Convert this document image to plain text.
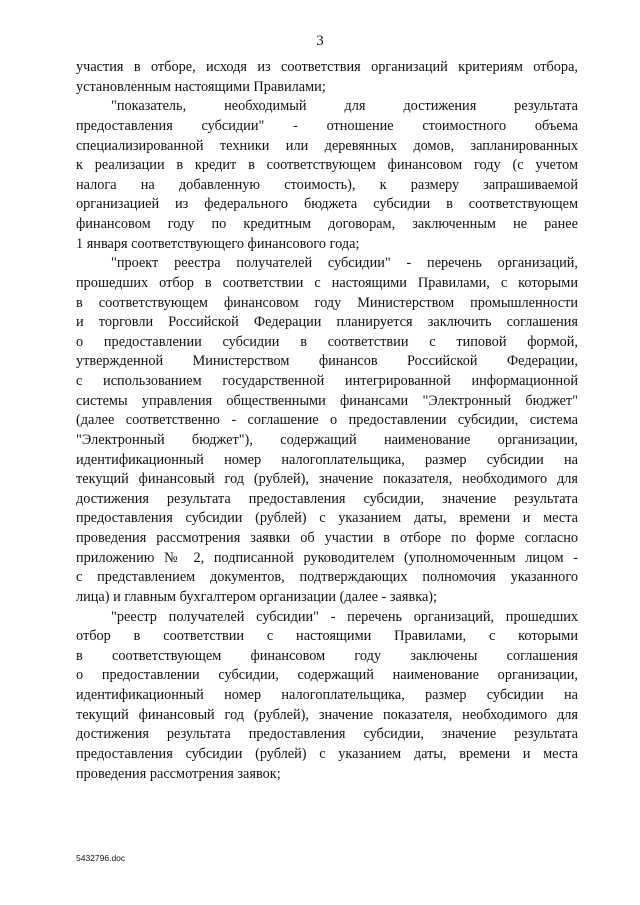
3
участия в отборе, исходя из соответствия организаций критериям отбора,
установленным настоящими Правилами;
"показатель, необходимый для достижения результата
предоставления субсидии" - отношение стоимостного объема
специализированной техники или деревянных домов, запланированных
к реализации в кредит в соответствующем финансовом году (с учетом
налога на добавленную стоимость), к размеру запрашиваемой
организацией из федерального бюджета субсидии в соответствующем
финансовом году по кредитным договорам, заключенным не ранее
1 января соответствующего финансового года;
"проект реестра получателей субсидии" - перечень организаций,
прошедших отбор в соответствии с настоящими Правилами, с которыми
в соответствующем финансовом году Министерством промышленности
и торговли Российской Федерации планируется заключить соглашения
о предоставлении субсидии в соответствии с типовой формой,
утвержденной Министерством финансов Российской Федерации,
с использованием государственной интегрированной информационной
системы управления общественными финансами "Электронный бюджет"
(далее соответственно - соглашение о предоставлении субсидии, система
"Электронный бюджет"), содержащий наименование организации,
идентификационный номер налогоплательщика, размер субсидии на
текущий финансовый год (рублей), значение показателя, необходимого для
достижения результата предоставления субсидии, значение результата
предоставления субсидии (рублей) с указанием даты, времени и места
проведения рассмотрения заявки об участии в отборе по форме согласно
приложению № 2, подписанной руководителем (уполномоченным лицом -
с представлением документов, подтверждающих полномочия указанного
лица) и главным бухгалтером организации (далее - заявка);
"реестр получателей субсидии" - перечень организаций, прошедших
отбор в соответствии с настоящими Правилами, с которыми
в соответствующем финансовом году заключены соглашения
о предоставлении субсидии, содержащий наименование организации,
идентификационный номер налогоплательщика, размер субсидии на
текущий финансовый год (рублей), значение показателя, необходимого для
достижения результата предоставления субсидии, значение результата
предоставления субсидии (рублей) с указанием даты, времени и места
проведения рассмотрения заявок;
5432796.doc
